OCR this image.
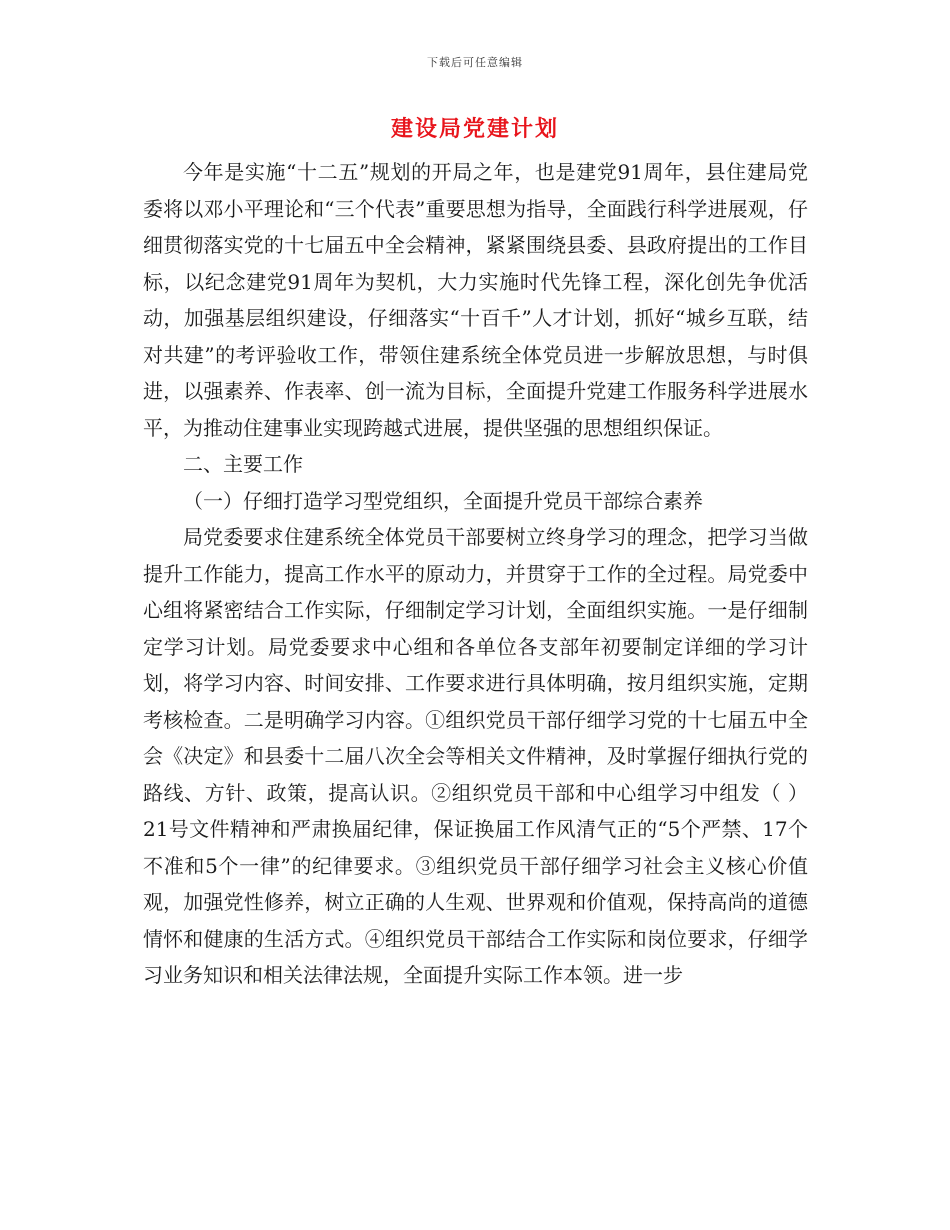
下载后可任意编辑
建设局党建计划

今年是实施“十二五”规划的开局之年，也是建党91周年，县住建局党委将以邓小平理论和“三个代表”重要思想为指导，全面践行科学进展观，仔细贯彻落实党的十七届五中全会精神，紧紧围绕县委、县政府提出的工作目标，以纪念建党91周年为契机，大力实施时代先锋工程，深化创先争优活动，加强基层组织建设，仔细落实“十百千”人才计划，抓好“城乡互联，结对共建”的考评验收工作，带领住建系统全体党员进一步解放思想，与时俱进，以强素养、作表率、创一流为目标，全面提升党建工作服务科学进展水平，为推动住建事业实现跨越式进展，提供坚强的思想组织保证。

二、主要工作

（一）仔细打造学习型党组织，全面提升党员干部综合素养

局党委要求住建系统全体党员干部要树立终身学习的理念，把学习当做提升工作能力，提高工作水平的原动力，并贯穿于工作的全过程。局党委中心组将紧密结合工作实际，仔细制定学习计划，全面组织实施。一是仔细制定学习计划。局党委要求中心组和各单位各支部年初要制定详细的学习计划，将学习内容、时间安排、工作要求进行具体明确，按月组织实施，定期考核检查。二是明确学习内容。①组织党员干部仔细学习党的十七届五中全会《决定》和县委十二届八次全会等相关文件精神，及时掌握仔细执行党的路线、方针、政策，提高认识。②组织党员干部和中心组学习中组发（ ）21号文件精神和严肃换届纪律，保证换届工作风清气正的“5个严禁、17个不准和5个一律”的纪律要求。③组织党员干部仔细学习社会主义核心价值观，加强党性修养，树立正确的人生观、世界观和价值观，保持高尚的道德情怀和健康的生活方式。④组织党员干部结合工作实际和岗位要求，仔细学习业务知识和相关法律法规，全面提升实际工作本领。进一步
